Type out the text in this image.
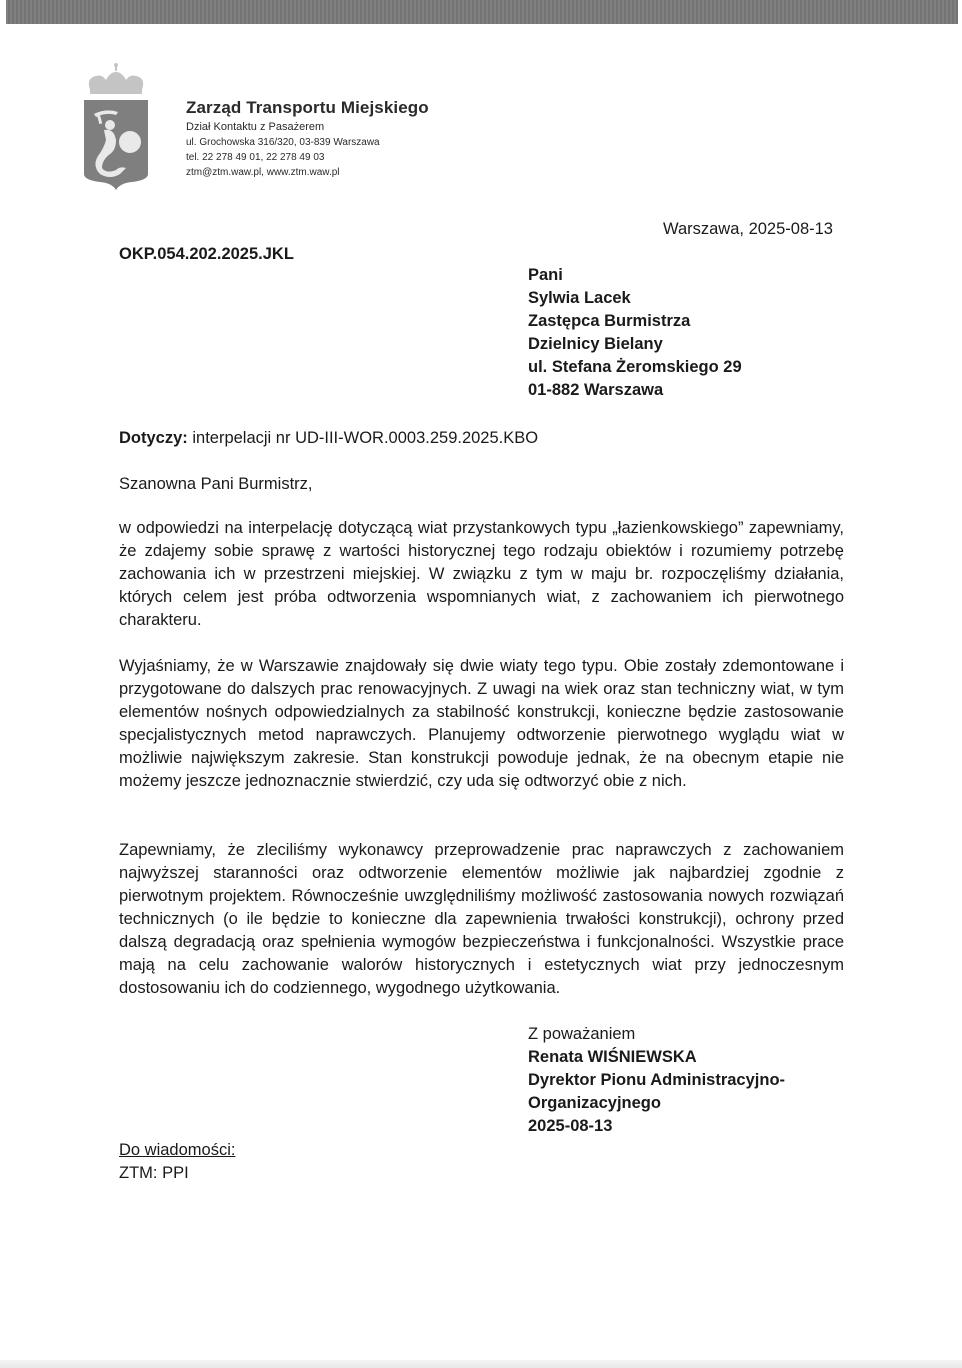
Zarząd Transportu Miejskiego
Dział Kontaktu z Pasażerem
ul. Grochowska 316/320, 03-839 Warszawa
tel. 22 278 49 01, 22 278 49 03
ztm@ztm.waw.pl, www.ztm.waw.pl
Warszawa, 2025-08-13
OKP.054.202.2025.JKL
Pani
Sylwia Lacek
Zastępca Burmistrza
Dzielnicy Bielany
ul. Stefana Żeromskiego 29
01-882 Warszawa
Dotyczy: interpelacji nr UD-III-WOR.0003.259.2025.KBO
Szanowna Pani Burmistrz,
w odpowiedzi na interpelację dotyczącą wiat przystankowych typu „łazienkowskiego” zapewniamy, że zdajemy sobie sprawę z wartości historycznej tego rodzaju obiektów i rozumiemy potrzebę zachowania ich w przestrzeni miejskiej. W związku z tym w maju br. rozpoczęliśmy działania, których celem jest próba odtworzenia wspomnianych wiat, z zachowaniem ich pierwotnego charakteru.
Wyjaśniamy, że w Warszawie znajdowały się dwie wiaty tego typu. Obie zostały zdemontowane i przygotowane do dalszych prac renowacyjnych. Z uwagi na wiek oraz stan techniczny wiat, w tym elementów nośnych odpowiedzialnych za stabilność konstrukcji, konieczne będzie zastosowanie specjalistycznych metod naprawczych. Planujemy odtworzenie pierwotnego wyglądu wiat w możliwie największym zakresie. Stan konstrukcji powoduje jednak, że na obecnym etapie nie możemy jeszcze jednoznacznie stwierdzić, czy uda się odtworzyć obie z nich.
Zapewniamy, że zleciliśmy wykonawcy przeprowadzenie prac naprawczych z zachowaniem najwyższej staranności oraz odtworzenie elementów możliwie jak najbardziej zgodnie z pierwotnym projektem. Równocześnie uwzględniliśmy możliwość zastosowania nowych rozwiązań technicznych (o ile będzie to konieczne dla zapewnienia trwałości konstrukcji), ochrony przed dalszą degradacją oraz spełnienia wymogów bezpieczeństwa i funkcjonalności. Wszystkie prace mają na celu zachowanie walorów historycznych i estetycznych wiat przy jednoczesnym dostosowaniu ich do codziennego, wygodnego użytkowania.
Z poważaniem
Renata WIŚNIEWSKA
Dyrektor Pionu Administracyjno-
Organizacyjnego
2025-08-13
Do wiadomości:
ZTM: PPI
